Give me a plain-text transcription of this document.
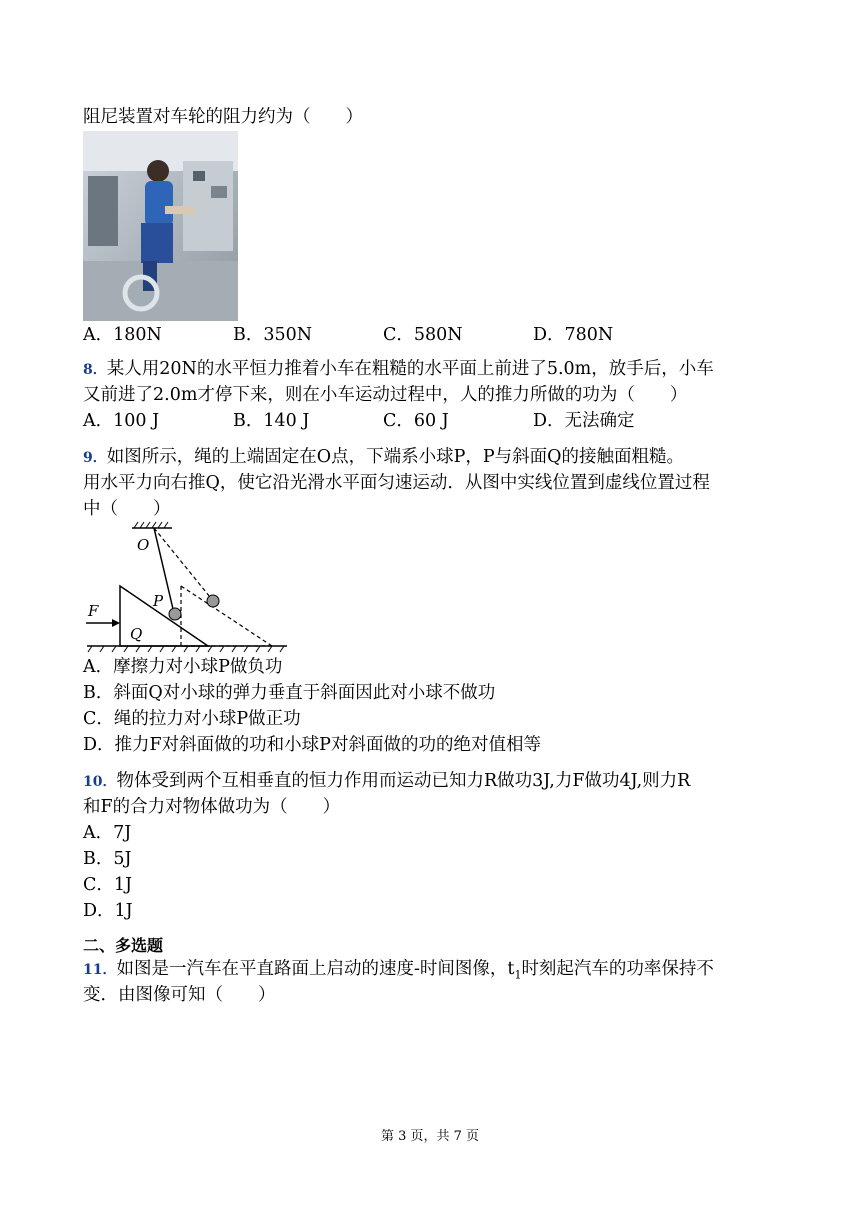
阻尼装置对车轮的阻力约为（　　）
A．180N	B．350N	C．580N	D．780N
8．某人用20N的水平恒力推着小车在粗糙的水平面上前进了5.0m，放手后，小车
又前进了2.0m才停下来，则在小车运动过程中，人的推力所做的功为（　　）
A．100 J	B．140 J	C．60 J	D．无法确定
9．如图所示，绳的上端固定在O点，下端系小球P，P与斜面Q的接触面粗糙。
用水平力向右推Q，使它沿光滑水平面匀速运动．从图中实线位置到虚线位置过程
中（　　）
O
P
Q
F
A．摩擦力对小球P做负功
B．斜面Q对小球的弹力垂直于斜面因此对小球不做功
C．绳的拉力对小球P做正功
D．推力F对斜面做的功和小球P对斜面做的功的绝对值相等
10．物体受到两个互相垂直的恒力作用而运动已知力R做功3J,力F做功4J,则力R
和F的合力对物体做功为（　　）
A．7J
B．5J
C．1J
D．1J
二、多选题
11．如图是一汽车在平直路面上启动的速度-时间图像，$t_1$时刻起汽车的功率保持不
变．由图像可知（　　）
第 3 页，共 7 页
